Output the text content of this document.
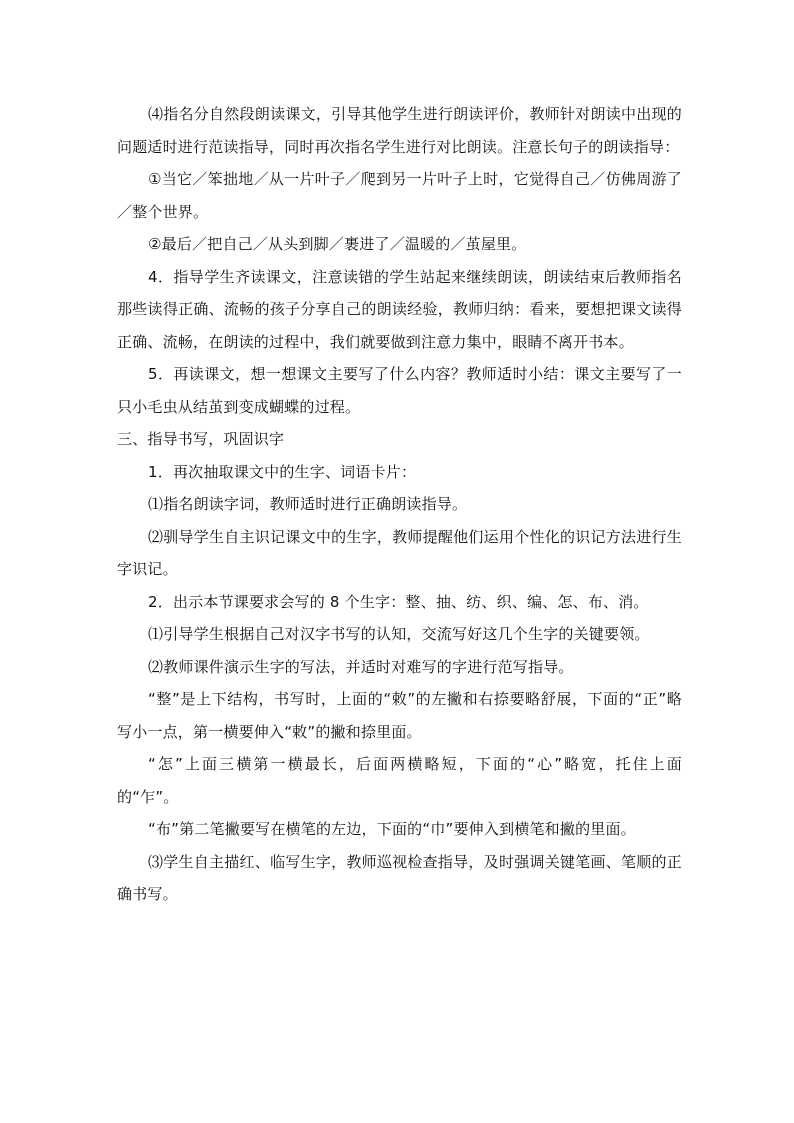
⑷指名分自然段朗读课文，引导其他学生进行朗读评价，教师针对朗读中出现的问题适时进行范读指导，同时再次指名学生进行对比朗读。注意长句子的朗读指导：

①当它／笨拙地／从一片叶子／爬到另一片叶子上时，它觉得自己／仿佛周游了／整个世界。

②最后／把自己／从头到脚／裹进了／温暖的／茧屋里。

4．指导学生齐读课文，注意读错的学生站起来继续朗读，朗读结束后教师指名那些读得正确、流畅的孩子分享自己的朗读经验，教师归纳：看来，要想把课文读得正确、流畅，在朗读的过程中，我们就要做到注意力集中，眼睛不离开书本。

5．再读课文，想一想课文主要写了什么内容？教师适时小结：课文主要写了一只小毛虫从结茧到变成蝴蝶的过程。

三、指导书写，巩固识字

1．再次抽取课文中的生字、词语卡片：

⑴指名朗读字词，教师适时进行正确朗读指导。

⑵驯导学生自主识记课文中的生字，教师提醒他们运用个性化的识记方法进行生字识记。

2．出示本节课要求会写的 8 个生字：整、抽、纺、织、编、怎、布、消。

⑴引导学生根据自己对汉字书写的认知，交流写好这几个生字的关键要领。

⑵教师课件演示生字的写法，并适时对难写的字进行范写指导。

“整”是上下结构，书写时，上面的“敕”的左撇和右捺要略舒展，下面的“正”略写小一点，第一横要伸入“敕”的撇和捺里面。

“怎”上面三横第一横最长，后面两横略短，下面的“心”略宽，托住上面的“乍”。

“布”第二笔撇要写在横笔的左边，下面的“巾”要伸入到横笔和撇的里面。

⑶学生自主描红、临写生字，教师巡视检查指导，及时强调关键笔画、笔顺的正确书写。
